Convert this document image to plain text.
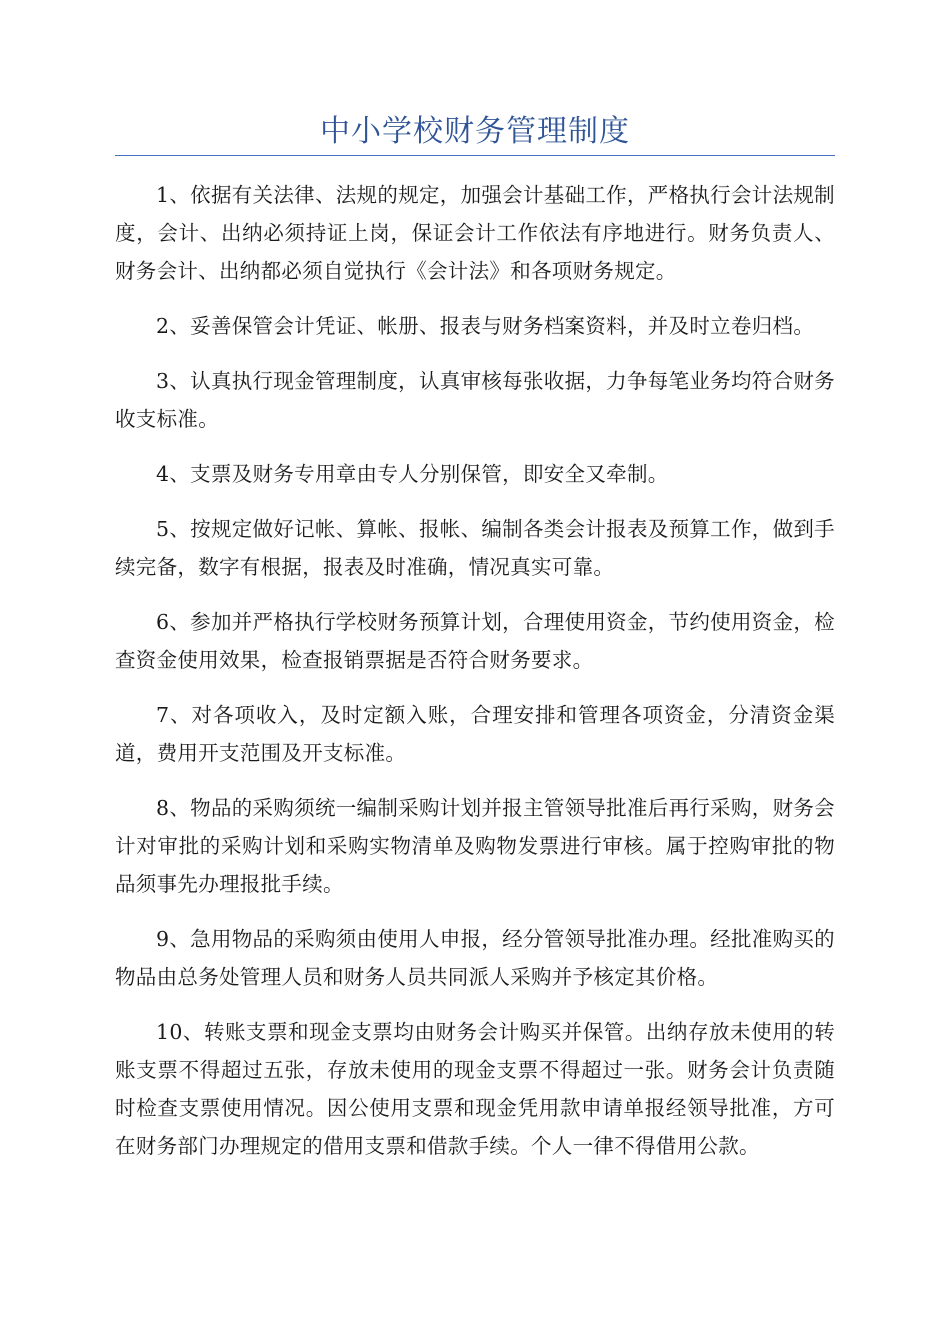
中小学校财务管理制度

1、依据有关法律、法规的规定，加强会计基础工作，严格执行会计法规制度，会计、出纳必须持证上岗，保证会计工作依法有序地进行。财务负责人、财务会计、出纳都必须自觉执行《会计法》和各项财务规定。

2、妥善保管会计凭证、帐册、报表与财务档案资料，并及时立卷归档。

3、认真执行现金管理制度，认真审核每张收据，力争每笔业务均符合财务收支标准。

4、支票及财务专用章由专人分别保管，即安全又牵制。

5、按规定做好记帐、算帐、报帐、编制各类会计报表及预算工作，做到手续完备，数字有根据，报表及时准确，情况真实可靠。

6、参加并严格执行学校财务预算计划，合理使用资金，节约使用资金，检查资金使用效果，检查报销票据是否符合财务要求。

7、对各项收入，及时定额入账，合理安排和管理各项资金，分清资金渠道，费用开支范围及开支标准。

8、物品的采购须统一编制采购计划并报主管领导批准后再行采购，财务会计对审批的采购计划和采购实物清单及购物发票进行审核。属于控购审批的物品须事先办理报批手续。

9、急用物品的采购须由使用人申报，经分管领导批准办理。经批准购买的物品由总务处管理人员和财务人员共同派人采购并予核定其价格。

10、转账支票和现金支票均由财务会计购买并保管。出纳存放未使用的转账支票不得超过五张，存放未使用的现金支票不得超过一张。财务会计负责随时检查支票使用情况。因公使用支票和现金凭用款申请单报经领导批准，方可在财务部门办理规定的借用支票和借款手续。个人一律不得借用公款。
